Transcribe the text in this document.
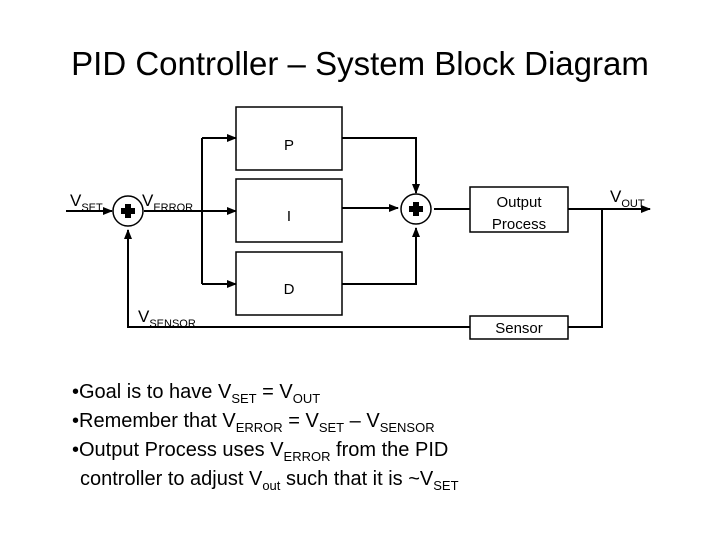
PID Controller – System Block Diagram
P
I
D
Output
Process
Sensor
$V_{SET}$ $V_{ERROR}$
$V_{OUT}$
$V_{SENSOR}$
•Goal is to have $V_{SET} = V_{OUT}$
•Remember that $V_{ERROR} = V_{SET} - V_{SENSOR}$
•Output Process uses $V_{ERROR}$ from the PID
controller to adjust $V_{out}$ such that it is $\sim V_{SET}$
